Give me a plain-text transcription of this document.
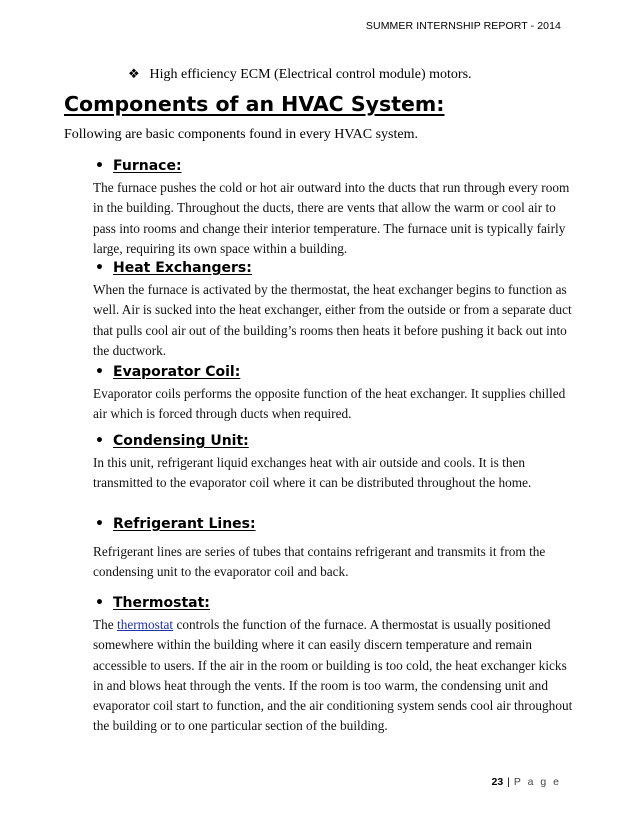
SUMMER INTERNSHIP REPORT - 2014
❖ High efficiency ECM (Electrical control module) motors.
Components of an HVAC System:
Following are basic components found in every HVAC system.
• Furnace:

The furnace pushes the cold or hot air outward into the ducts that run through every room in the building. Throughout the ducts, there are vents that allow the warm or cool air to pass into rooms and change their interior temperature. The furnace unit is typically fairly large, requiring its own space within a building.

• Heat Exchangers:

When the furnace is activated by the thermostat, the heat exchanger begins to function as well. Air is sucked into the heat exchanger, either from the outside or from a separate duct that pulls cool air out of the building’s rooms then heats it before pushing it back out into the ductwork.

• Evaporator Coil:

Evaporator coils performs the opposite function of the heat exchanger. It supplies chilled air which is forced through ducts when required.

• Condensing Unit:

In this unit, refrigerant liquid exchanges heat with air outside and cools. It is then transmitted to the evaporator coil where it can be distributed throughout the home.

• Refrigerant Lines:

Refrigerant lines are series of tubes that contains refrigerant and transmits it from the condensing unit to the evaporator coil and back.

• Thermostat:

The thermostat controls the function of the furnace. A thermostat is usually positioned somewhere within the building where it can easily discern temperature and remain accessible to users. If the air in the room or building is too cold, the heat exchanger kicks in and blows heat through the vents. If the room is too warm, the condensing unit and evaporator coil start to function, and the air conditioning system sends cool air throughout the building or to one particular section of the building.

23 | P a g e
